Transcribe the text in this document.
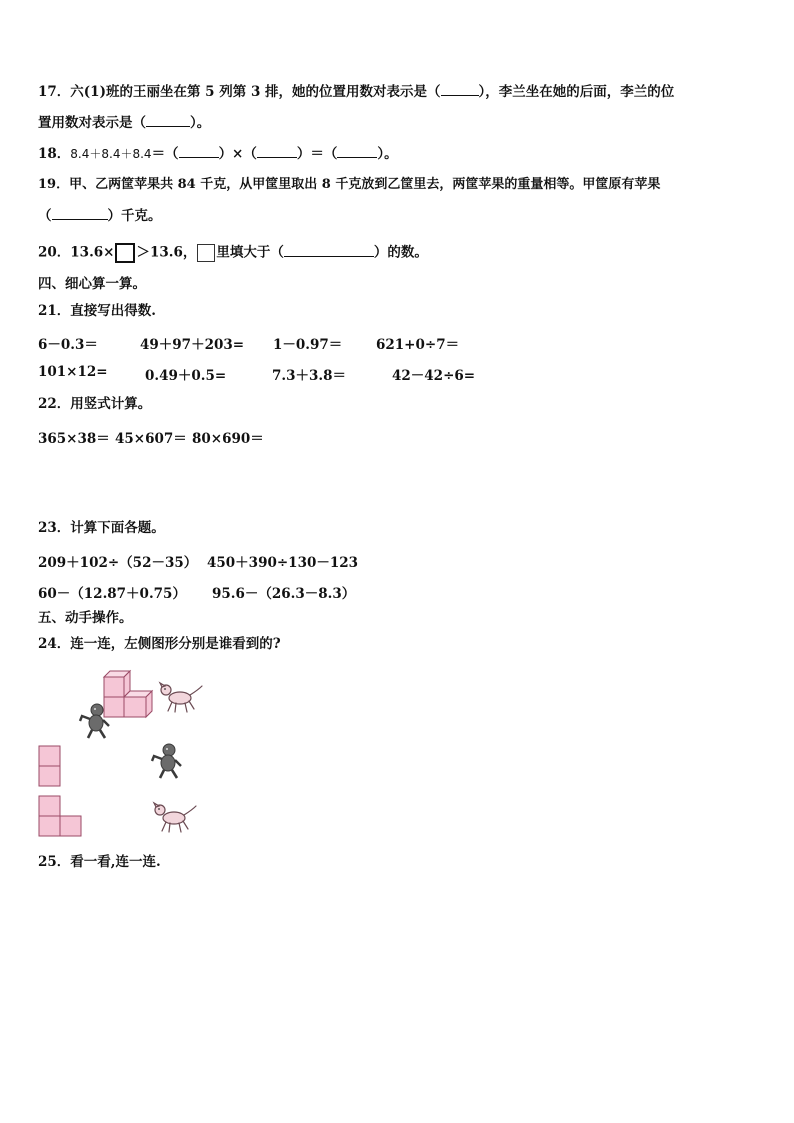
17．六(1)班的王丽坐在第 5 列第 3 排，她的位置用数对表示是（	），李兰坐在她的后面，李兰的位
置用数对表示是（	）。
18．8.4＋8.4＋8.4＝（	）×（	）＝（	）。
19．甲、乙两筐苹果共 84 千克，从甲筐里取出 8 千克放到乙筐里去，两筐苹果的重量相等。甲筐原有苹果
（	）千克。
20．13.6× ＞13.6， 里填大于（	）的数。
四、细心算一算。
21．直接写出得数.
6－0.3＝	49＋97＋203= 1－0.97＝ 621+0÷7＝
101×12=	0.49＋0.5=	7.3＋3.8＝	42－42÷6=
22．用竖式计算。
365×38＝ 45×607＝ 80×690＝
23．计算下面各题。
209＋102÷（52－35） 450＋390÷130－123
60－（12.87＋0.75） 95.6－（26.3－8.3）
五、动手操作。
24．连一连，左侧图形分别是谁看到的?
25．看一看,连一连.
